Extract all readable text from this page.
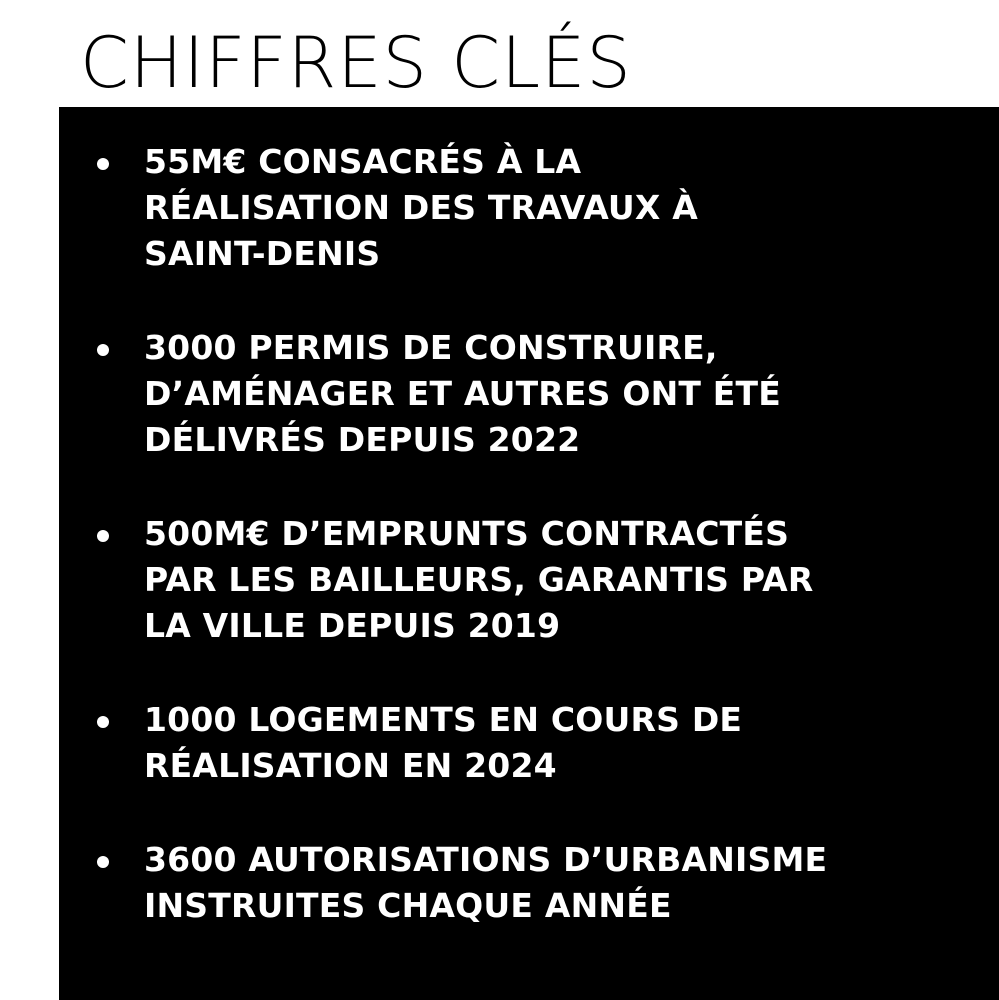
CHIFFRES CLÉS
55M€ CONSACRÉS À LA
RÉALISATION DES TRAVAUX À
SAINT-DENIS
3000 PERMIS DE CONSTRUIRE,
D’AMÉNAGER ET AUTRES ONT ÉTÉ
DÉLIVRÉS DEPUIS 2022
500M€ D’EMPRUNTS CONTRACTÉS
PAR LES BAILLEURS, GARANTIS PAR
LA VILLE DEPUIS 2019
1000 LOGEMENTS EN COURS DE
RÉALISATION EN 2024
3600 AUTORISATIONS D’URBANISME
INSTRUITES CHAQUE ANNÉE
